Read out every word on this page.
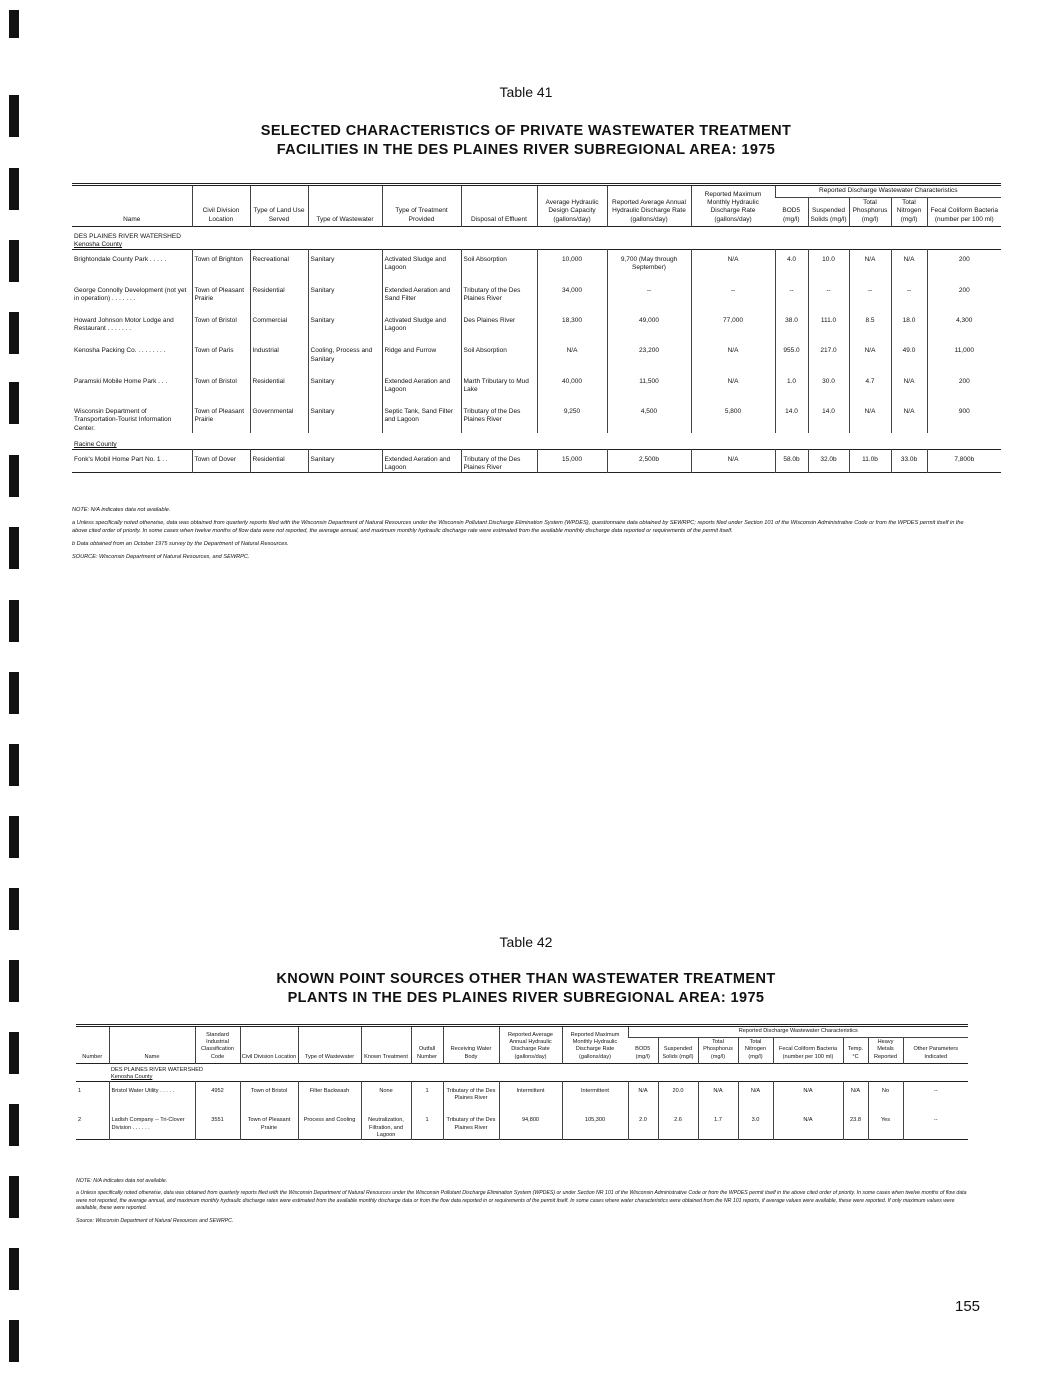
Table 41
SELECTED CHARACTERISTICS OF PRIVATE WASTEWATER TREATMENT
FACILITIES IN THE DES PLAINES RIVER SUBREGIONAL AREA: 1975
Name	Civil Division Location	Type of Land Use Served	Type of Wastewater	Type of Treatment Provided	Disposal of Effluent	Average Hydraulic Design Capacity (gallons/day)	Reported Average Annual Hydraulic Discharge Rate (gallons/day)	Reported Maximum Monthly Hydraulic Discharge Rate (gallons/day)	Reported Discharge Wastewater Characteristics				
									BOD5 (mg/l)	Suspended Solids (mg/l)	Total Phosphorus (mg/l)	Total Nitrogen (mg/l)	Fecal Coliform Bacteria (number per 100 ml)
DES PLAINES RIVER WATERSHED													
Kenosha County													
Brightondale County Park . . . . .	Town of Brighton	Recreational	Sanitary	Activated Sludge and Lagoon	Soil Absorption	10,000	9,700 (May through September)	N/A	4.0	10.0	N/A	N/A	200
George Connolly Development (not yet in operation) . . . . . . .	Town of Pleasant Prairie	Residential	Sanitary	Extended Aeration and Sand Filter	Tributary of the Des Plaines River	34,000	--	--	--	--	--	--	200
Howard Johnson Motor Lodge and Restaurant . . . . . . .	Town of Bristol	Commercial	Sanitary	Activated Sludge and Lagoon	Des Plaines River	18,300	49,000	77,000	38.0	111.0	8.5	18.0	4,300
Kenosha Packing Co. . . . . . . . .	Town of Paris	Industrial	Cooling, Process and Sanitary	Ridge and Furrow	Soil Absorption	N/A	23,200	N/A	955.0	217.0	N/A	49.0	11,000
Paramski Mobile Home Park . . .	Town of Bristol	Residential	Sanitary	Extended Aeration and Lagoon	Marth Tributary to Mud Lake	40,000	11,500	N/A	1.0	30.0	4.7	N/A	200
Wisconsin Department of Transportation-Tourist Information Center.	Town of Pleasant Prairie	Governmental	Sanitary	Septic Tank, Sand Filter and Lagoon	Tributary of the Des Plaines River	9,250	4,500	5,800	14.0	14.0	N/A	N/A	900
Racine County													
Fonk's Mobil Home Part No. 1 . .	Town of Dover	Residential	Sanitary	Extended Aeration and Lagoon	Tributary of the Des Plaines River	15,000	2,500b	N/A	58.0b	32.0b	11.0b	33.0b	7,800b

NOTE: N/A indicates data not available.

a Unless specifically noted otherwise, data was obtained from quarterly reports filed with the Wisconsin Department of Natural Resources under the Wisconsin Pollutant Discharge Elimination System (WPDES), questionnaire data obtained by SEWRPC; reports filed under Section 101 of the Wisconsin Administrative Code or from the WPDES permit itself in the above cited order of priority. In some cases when twelve months of flow data were not reported, the average annual, and maximum monthly hydraulic discharge rate were estimated from the available monthly discharge data reported or requirements of the permit itself.

b Data obtained from an October 1975 survey by the Department of Natural Resources.

SOURCE: Wisconsin Department of Natural Resources, and SEWRPC.

Table 42
KNOWN POINT SOURCES OTHER THAN WASTEWATER TREATMENT
PLANTS IN THE DES PLAINES RIVER SUBREGIONAL AREA: 1975
Number	Name	Standard Industrial Classification Code	Civil Division Location	Type of Wastewater	Known Treatment	Outfall Number	Receiving Water Body	Reported Average Annual Hydraulic Discharge Rate (gallons/day)	Reported Maximum Monthly Hydraulic Discharge Rate (gallons/day)	Reported Discharge Wastewater Characteristics							
										BOD5 (mg/l)	Suspended Solids (mg/l)	Total Phosphorus (mg/l)	Total Nitrogen (mg/l)	Fecal Coliform Bacteria (number per 100 ml)	Temp. °C	Heavy Metals Reported	Other Parameters Indicated
	DES PLAINES RIVER WATERSHED																
	Kenosha County																
1	Bristol Water Utility . . . . .	4952	Town of Bristol	Filter Backwash	None	1	Tributary of the Des Plaines River	Intermittent	Intermittent	N/A	20.0	N/A	N/A	N/A	N/A	No	--
2	Ladish Company -- Tri-Clover Division . . . . . .	3551	Town of Pleasant Prairie	Process and Cooling	Neutralization, Filtration, and Lagoon	1	Tributary of the Des Plaines River	94,800	105,300	2.0	2.6	1.7	3.0	N/A	23.8	Yes	--

NOTE: N/A indicates data not available.

a Unless specifically noted otherwise, data was obtained from quarterly reports filed with the Wisconsin Department of Natural Resources under the Wisconsin Pollutant Discharge Elimination System (WPDES) or under Section NR 101 of the Wisconsin Administrative Code or from the WPDES permit itself in the above cited order of priority. In some cases when twelve months of flow data were not reported, the average annual, and maximum monthly hydraulic discharge rates were estimated from the available monthly discharge data or from the flow data reported in or requirements of the permit itself. In some cases where water characteristics were obtained from the NR 101 reports, if average values were available, these were reported. If only maximum values were available, these were reported.

Source: Wisconsin Department of Natural Resources and SEWRPC.

155
